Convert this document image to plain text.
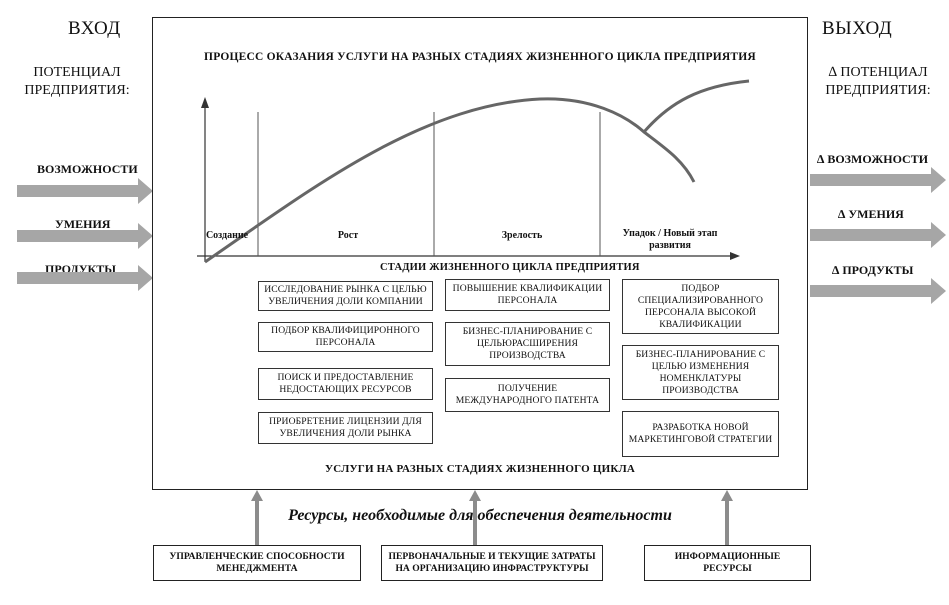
ВХОД
ПОТЕНЦИАЛ ПРЕДПРИЯТИЯ:
ВОЗМОЖНОСТИ
УМЕНИЯ
ПРОДУКТЫ
ВЫХОД
∆ ПОТЕНЦИАЛ ПРЕДПРИЯТИЯ:
∆ ВОЗМОЖНОСТИ
∆ УМЕНИЯ
∆ ПРОДУКТЫ
ПРОЦЕСС ОКАЗАНИЯ УСЛУГИ НА РАЗНЫХ СТАДИЯХ ЖИЗНЕННОГО ЦИКЛА ПРЕДПРИЯТИЯ
Создание	Рост	Зрелость	Упадок / Новый этап развития
СТАДИИ ЖИЗНЕННОГО ЦИКЛА ПРЕДПРИЯТИЯ
ИССЛЕДОВАНИЕ РЫНКА С ЦЕЛЬЮ УВЕЛИЧЕНИЯ ДОЛИ КОМПАНИИ
ПОДБОР КВАЛИФИЦИРОННОГО ПЕРСОНАЛА
ПОИСК И ПРЕДОСТАВЛЕНИЕ НЕДОСТАЮЩИХ РЕСУРСОВ
ПРИОБРЕТЕНИЕ ЛИЦЕНЗИИ ДЛЯ УВЕЛИЧЕНИЯ ДОЛИ РЫНКА
ПОВЫШЕНИЕ КВАЛИФИКАЦИИ ПЕРСОНАЛА
БИЗНЕС-ПЛАНИРОВАНИЕ С ЦЕЛЬЮРАСШИРЕНИЯ ПРОИЗВОДСТВА
ПОЛУЧЕНИЕ МЕЖДУНАРОДНОГО ПАТЕНТА
ПОДБОР СПЕЦИАЛИЗИРОВАННОГО ПЕРСОНАЛА ВЫСОКОЙ КВАЛИФИКАЦИИ
БИЗНЕС-ПЛАНИРОВАНИЕ С ЦЕЛЬЮ ИЗМЕНЕНИЯ НОМЕНКЛАТУРЫ ПРОИЗВОДСТВА
РАЗРАБОТКА НОВОЙ МАРКЕТИНГОВОЙ СТРАТЕГИИ
УСЛУГИ НА РАЗНЫХ СТАДИЯХ ЖИЗНЕННОГО ЦИКЛА
Ресурсы, необходимые для обеспечения деятельности
УПРАВЛЕНЧЕСКИЕ СПОСОБНОСТИ МЕНЕДЖМЕНТА
ПЕРВОНАЧАЛЬНЫЕ И ТЕКУЩИЕ ЗАТРАТЫ НА ОРГАНИЗАЦИЮ ИНФРАСТРУКТУРЫ
ИНФОРМАЦИОННЫЕ РЕСУРСЫ
